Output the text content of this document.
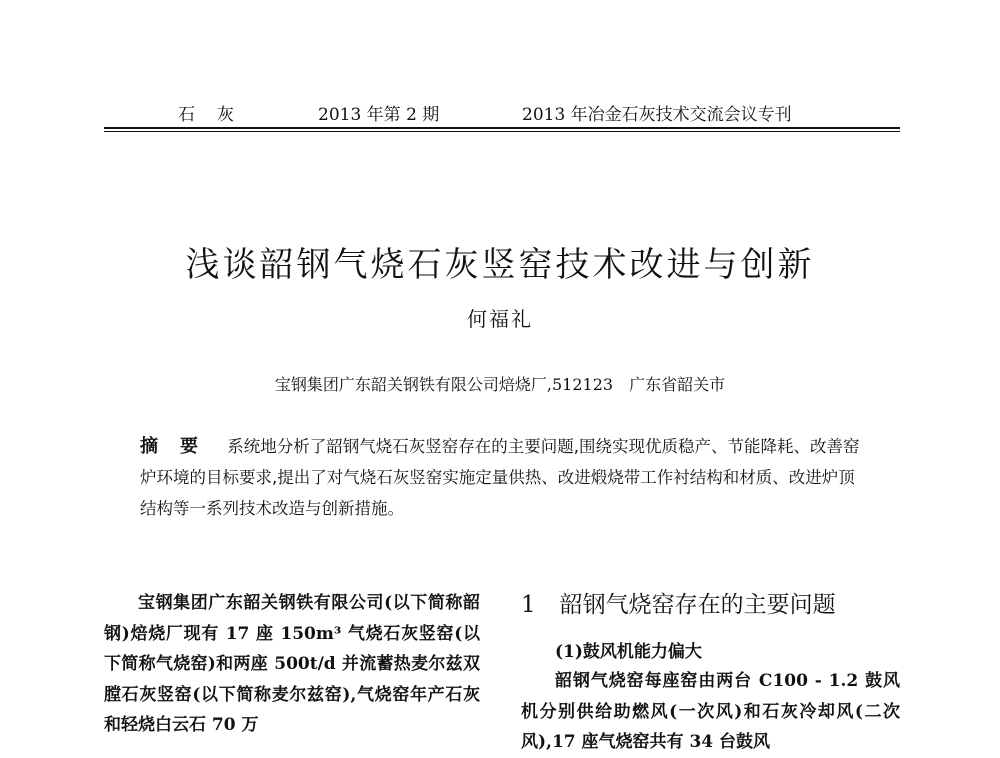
石灰	2013 年第 2 期	2013 年冶金石灰技术交流会议专刊
浅谈韶钢气烧石灰竖窑技术改进与创新
何福礼
宝钢集团广东韶关钢铁有限公司焙烧厂,512123　广东省韶关市
摘要 系统地分析了韶钢气烧石灰竖窑存在的主要问题,围绕实现优质稳产、节能降耗、改善窑炉环境的目标要求,提出了对气烧石灰竖窑实施定量供热、改进煅烧带工作衬结构和材质、改进炉顶结构等一系列技术改造与创新措施。
宝钢集团广东韶关钢铁有限公司(以下简称韶钢)焙烧厂现有 17 座 150m³ 气烧石灰竖窑(以下简称气烧窑)和两座 500t/d 并流蓄热麦尔兹双膛石灰竖窑(以下简称麦尔兹窑),气烧窑年产石灰和轻烧白云石 70 万
1 韶钢气烧窑存在的主要问题
(1)鼓风机能力偏大
韶钢气烧窑每座窑由两台 C100 - 1.2 鼓风机分别供给助燃风(一次风)和石灰冷却风(二次风),17 座气烧窑共有 34 台鼓风
